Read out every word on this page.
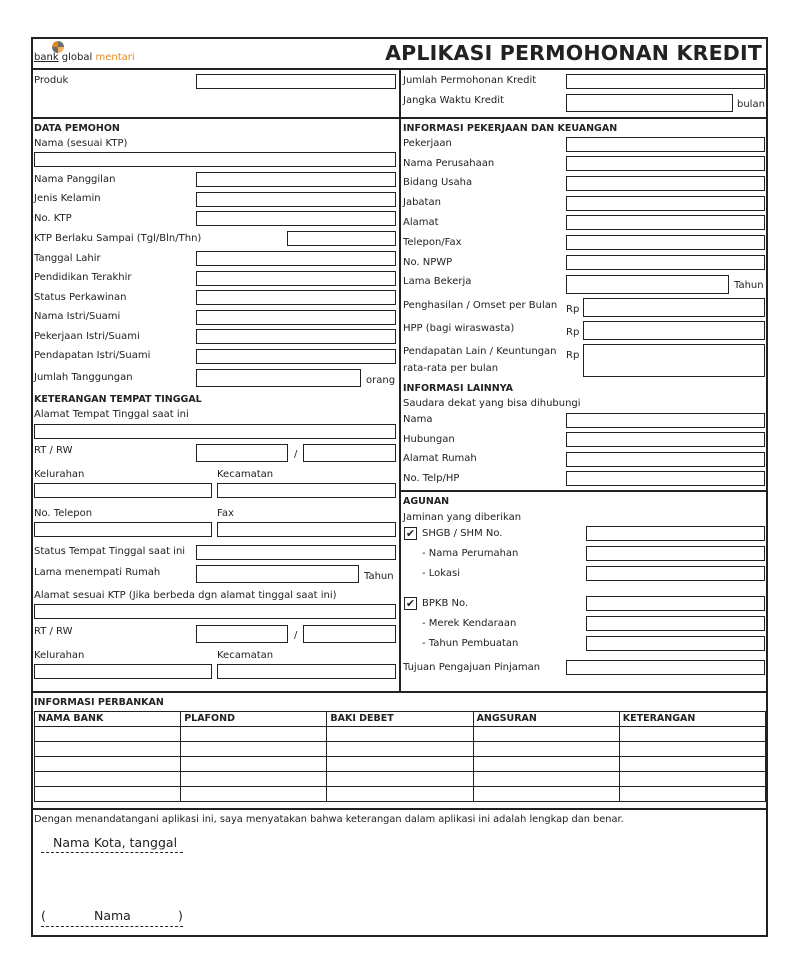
bank global mentari	APLIKASI PERMOHONAN KREDIT
Produk	Jumlah Permohonan Kredit
Jangka Waktu Kredit	bulan
DATA PEMOHON
Nama (sesuai KTP)
Nama Panggilan
Jenis Kelamin
No. KTP
KTP Berlaku Sampai (Tgl/Bln/Thn)
Tanggal Lahir
Pendidikan Terakhir
Status Perkawinan
Nama Istri/Suami
Pekerjaan Istri/Suami
Pendapatan Istri/Suami
Jumlah Tanggungan	orang
KETERANGAN TEMPAT TINGGAL
Alamat Tempat Tinggal saat ini
RT / RW	/
Kelurahan	Kecamatan
No. Telepon	Fax
Status Tempat Tinggal saat ini
Lama menempati Rumah	Tahun
Alamat sesuai KTP (Jika berbeda dgn alamat tinggal saat ini)
RT / RW	/
Kelurahan	Kecamatan
INFORMASI PEKERJAAN DAN KEUANGAN
Pekerjaan
Nama Perusahaan
Bidang Usaha
Jabatan
Alamat
Telepon/Fax
No. NPWP
Lama Bekerja	Tahun
Penghasilan / Omset per Bulan Rp
HPP (bagi wiraswasta)	Rp
Pendapatan Lain / Keuntungan
rata-rata per bulan
Rp
INFORMASI LAINNYA
Saudara dekat yang bisa dihubungi
Nama
Hubungan
Alamat Rumah
No. Telp/HP
AGUNAN
Jaminan yang diberikan
✔ SHGB / SHM No.
- Nama Perumahan
- Lokasi
✔ BPKB No.
- Merek Kendaraan
- Tahun Pembuatan
Tujuan Pengajuan Pinjaman
INFORMASI PERBANKAN
NAMA BANK	PLAFOND	BAKI DEBET	ANGSURAN	KETERANGAN

Dengan menandatangani aplikasi ini, saya menyatakan bahwa keterangan dalam aplikasi ini adalah lengkap dan benar.
Nama Kota, tanggal
(	Nama	)
